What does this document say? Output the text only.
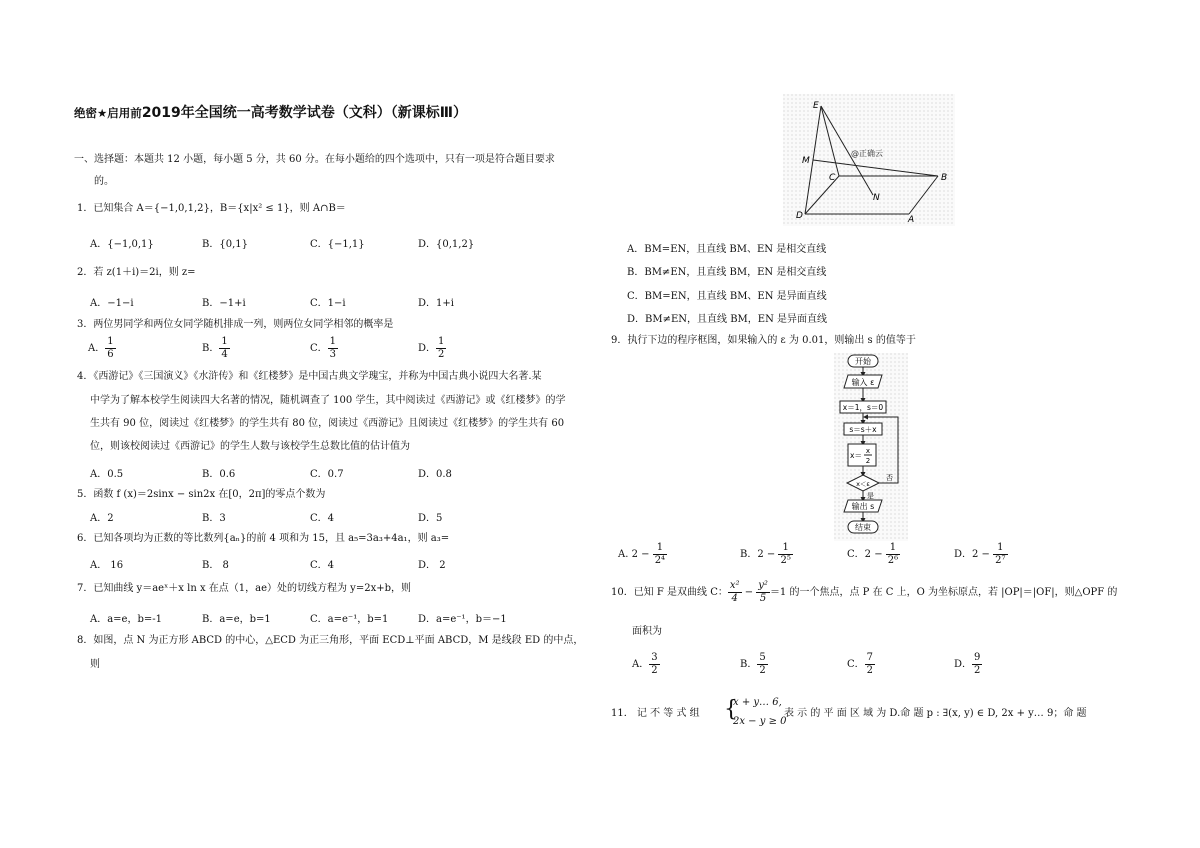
绝密★启用前2019年全国统一高考数学试卷（文科）（新课标Ⅲ）
一、选择题：本题共 12 小题，每小题 5 分，共 60 分。在每小题给的四个选项中，只有一项是符合题目要求
的。
1．已知集合 A＝{−1,0,1,2}，B＝{x|x² ≤ 1}，则 A∩B＝
A．{−1,0,1}	B．{0,1}	C．{−1,1}	D．{0,1,2}
2．若 z(1＋i)＝2i，则 z=
A．−1−i	B．−1+i	C．1−i	D．1+i
3．两位男同学和两位女同学随机排成一列，则两位女同学相邻的概率是
A． $\frac{1}{6}$	B． $\frac{1}{4}$	C． $\frac{1}{3}$	D． $\frac{1}{2}$
4．《西游记》《三国演义》《水浒传》和《红楼梦》是中国古典文学瑰宝，并称为中国古典小说四大名著.某
中学为了解本校学生阅读四大名著的情况，随机调查了 100 学生，其中阅读过《西游记》或《红楼梦》的学
生共有 90 位，阅读过《红楼梦》的学生共有 80 位，阅读过《西游记》且阅读过《红楼梦》的学生共有 60
位，则该校阅读过《西游记》的学生人数与该校学生总数比值的估计值为
A．0.5	B．0.6	C．0.7	D．0.8
5．函数 f (x)＝2sinx − sin2x 在[0，2π]的零点个数为
A．2	B．3	C．4	D．5
6．已知各项均为正数的等比数列{aₙ}的前 4 项和为 15，且 a₅=3a₃+4a₁，则 a₃=
A． 16	B． 8	C．4	D． 2
7．已知曲线 y＝aeˣ＋x ln x 在点（1，ae）处的切线方程为 y=2x+b，则
A．a=e，b=-1	B．a=e，b=1	C．a=e⁻¹，b=1	D．a=e⁻¹，b＝−1
8．如图，点 N 为正方形 ABCD 的中心，△ECD 为正三角形，平面 ECD⊥平面 ABCD，M 是线段 ED 的中点，
则
E
M
C	B
N
D	A
@正确云
A．BM=EN，且直线 BM、EN 是相交直线
B．BM≠EN，且直线 BM，EN 是相交直线
C．BM=EN，且直线 BM、EN 是异面直线
D．BM≠EN，且直线 BM，EN 是异面直线
9．执行下边的程序框图，如果输入的 ε 为 0.01，则输出 s 的值等于
开始
输入 ε
x＝1，s＝0
s＝s＋x
x＝ x
2
x＜ε
否
是
输出 s
结束
A. $2 - \frac{1}{\text{2⁴}}$	B．$2 - \frac{1}{\text{2⁵}}$	C．$2 - \frac{1}{\text{2⁶}}$	D．$2 - \frac{1}{\text{2⁷}}$
10．已知 F 是双曲线 C： $\frac{\text{x²}}{4} - \frac{\text{y²}}{5} =1$ 的一个焦点，点 P 在 C 上，O 为坐标原点，若 |OP|＝|OF|，则△OPF 的
面积为
A． $\frac{3}{2}$	B． $\frac{5}{2}$	C． $\frac{7}{2}$	D． $\frac{9}{2}$
11． 记 不 等 式 组 {
x + y… 6,
2x − y ≥ 0
表 示 的 平 面 区 域 为 D.命 题 p : ∃(x, y) ∈ D, 2x + y… 9；命 题
